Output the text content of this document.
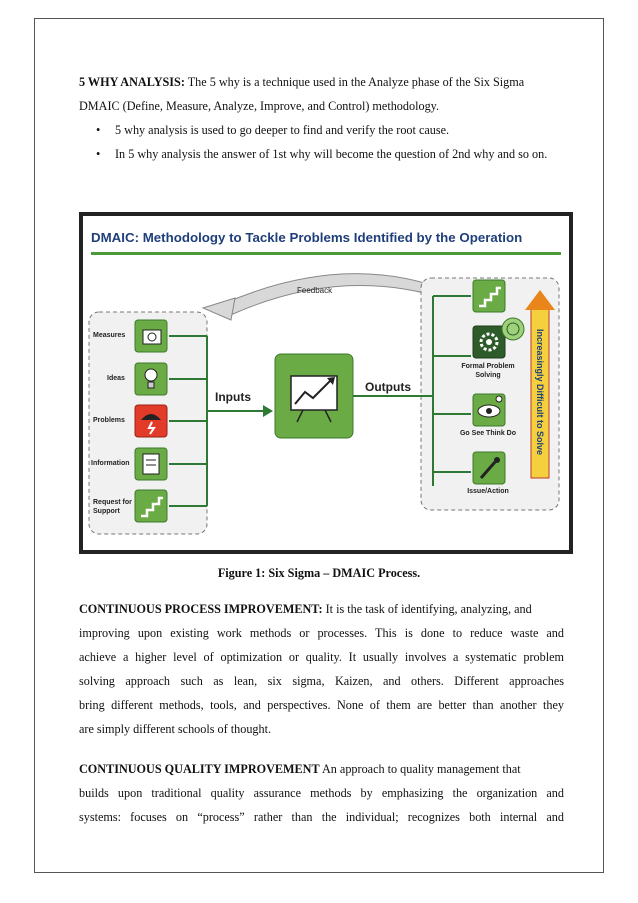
5 WHY ANALYSIS: The 5 why is a technique used in the Analyze phase of the Six Sigma
DMAIC (Define, Measure, Analyze, Improve, and Control) methodology.
• 5 why analysis is used to go deeper to find and verify the root cause.
• In 5 why analysis the answer of 1st why will become the question of 2nd why and so on.
DMAIC: Methodology to Tackle Problems Identified by the Operation
Feedback
Inputs
Outputs
Measures
Ideas
Problems
Information
Request for Support
Formal Problem Solving
Go See Think Do
Issue/Action
Increasingly Difficult to Solve
Figure 1: Six Sigma – DMAIC Process.
CONTINUOUS PROCESS IMPROVEMENT: It is the task of identifying, analyzing, and
improving upon existing work methods or processes. This is done to reduce waste and
achieve a higher level of optimization or quality. It usually involves a systematic problem
solving approach such as lean, six sigma, Kaizen, and others. Different approaches
bring different methods, tools, and perspectives. None of them are better than another they
are simply different schools of thought.
CONTINUOUS QUALITY IMPROVEMENT An approach to quality management that
builds upon traditional quality assurance methods by emphasizing the organization and
systems: focuses on “process” rather than the individual; recognizes both internal and
